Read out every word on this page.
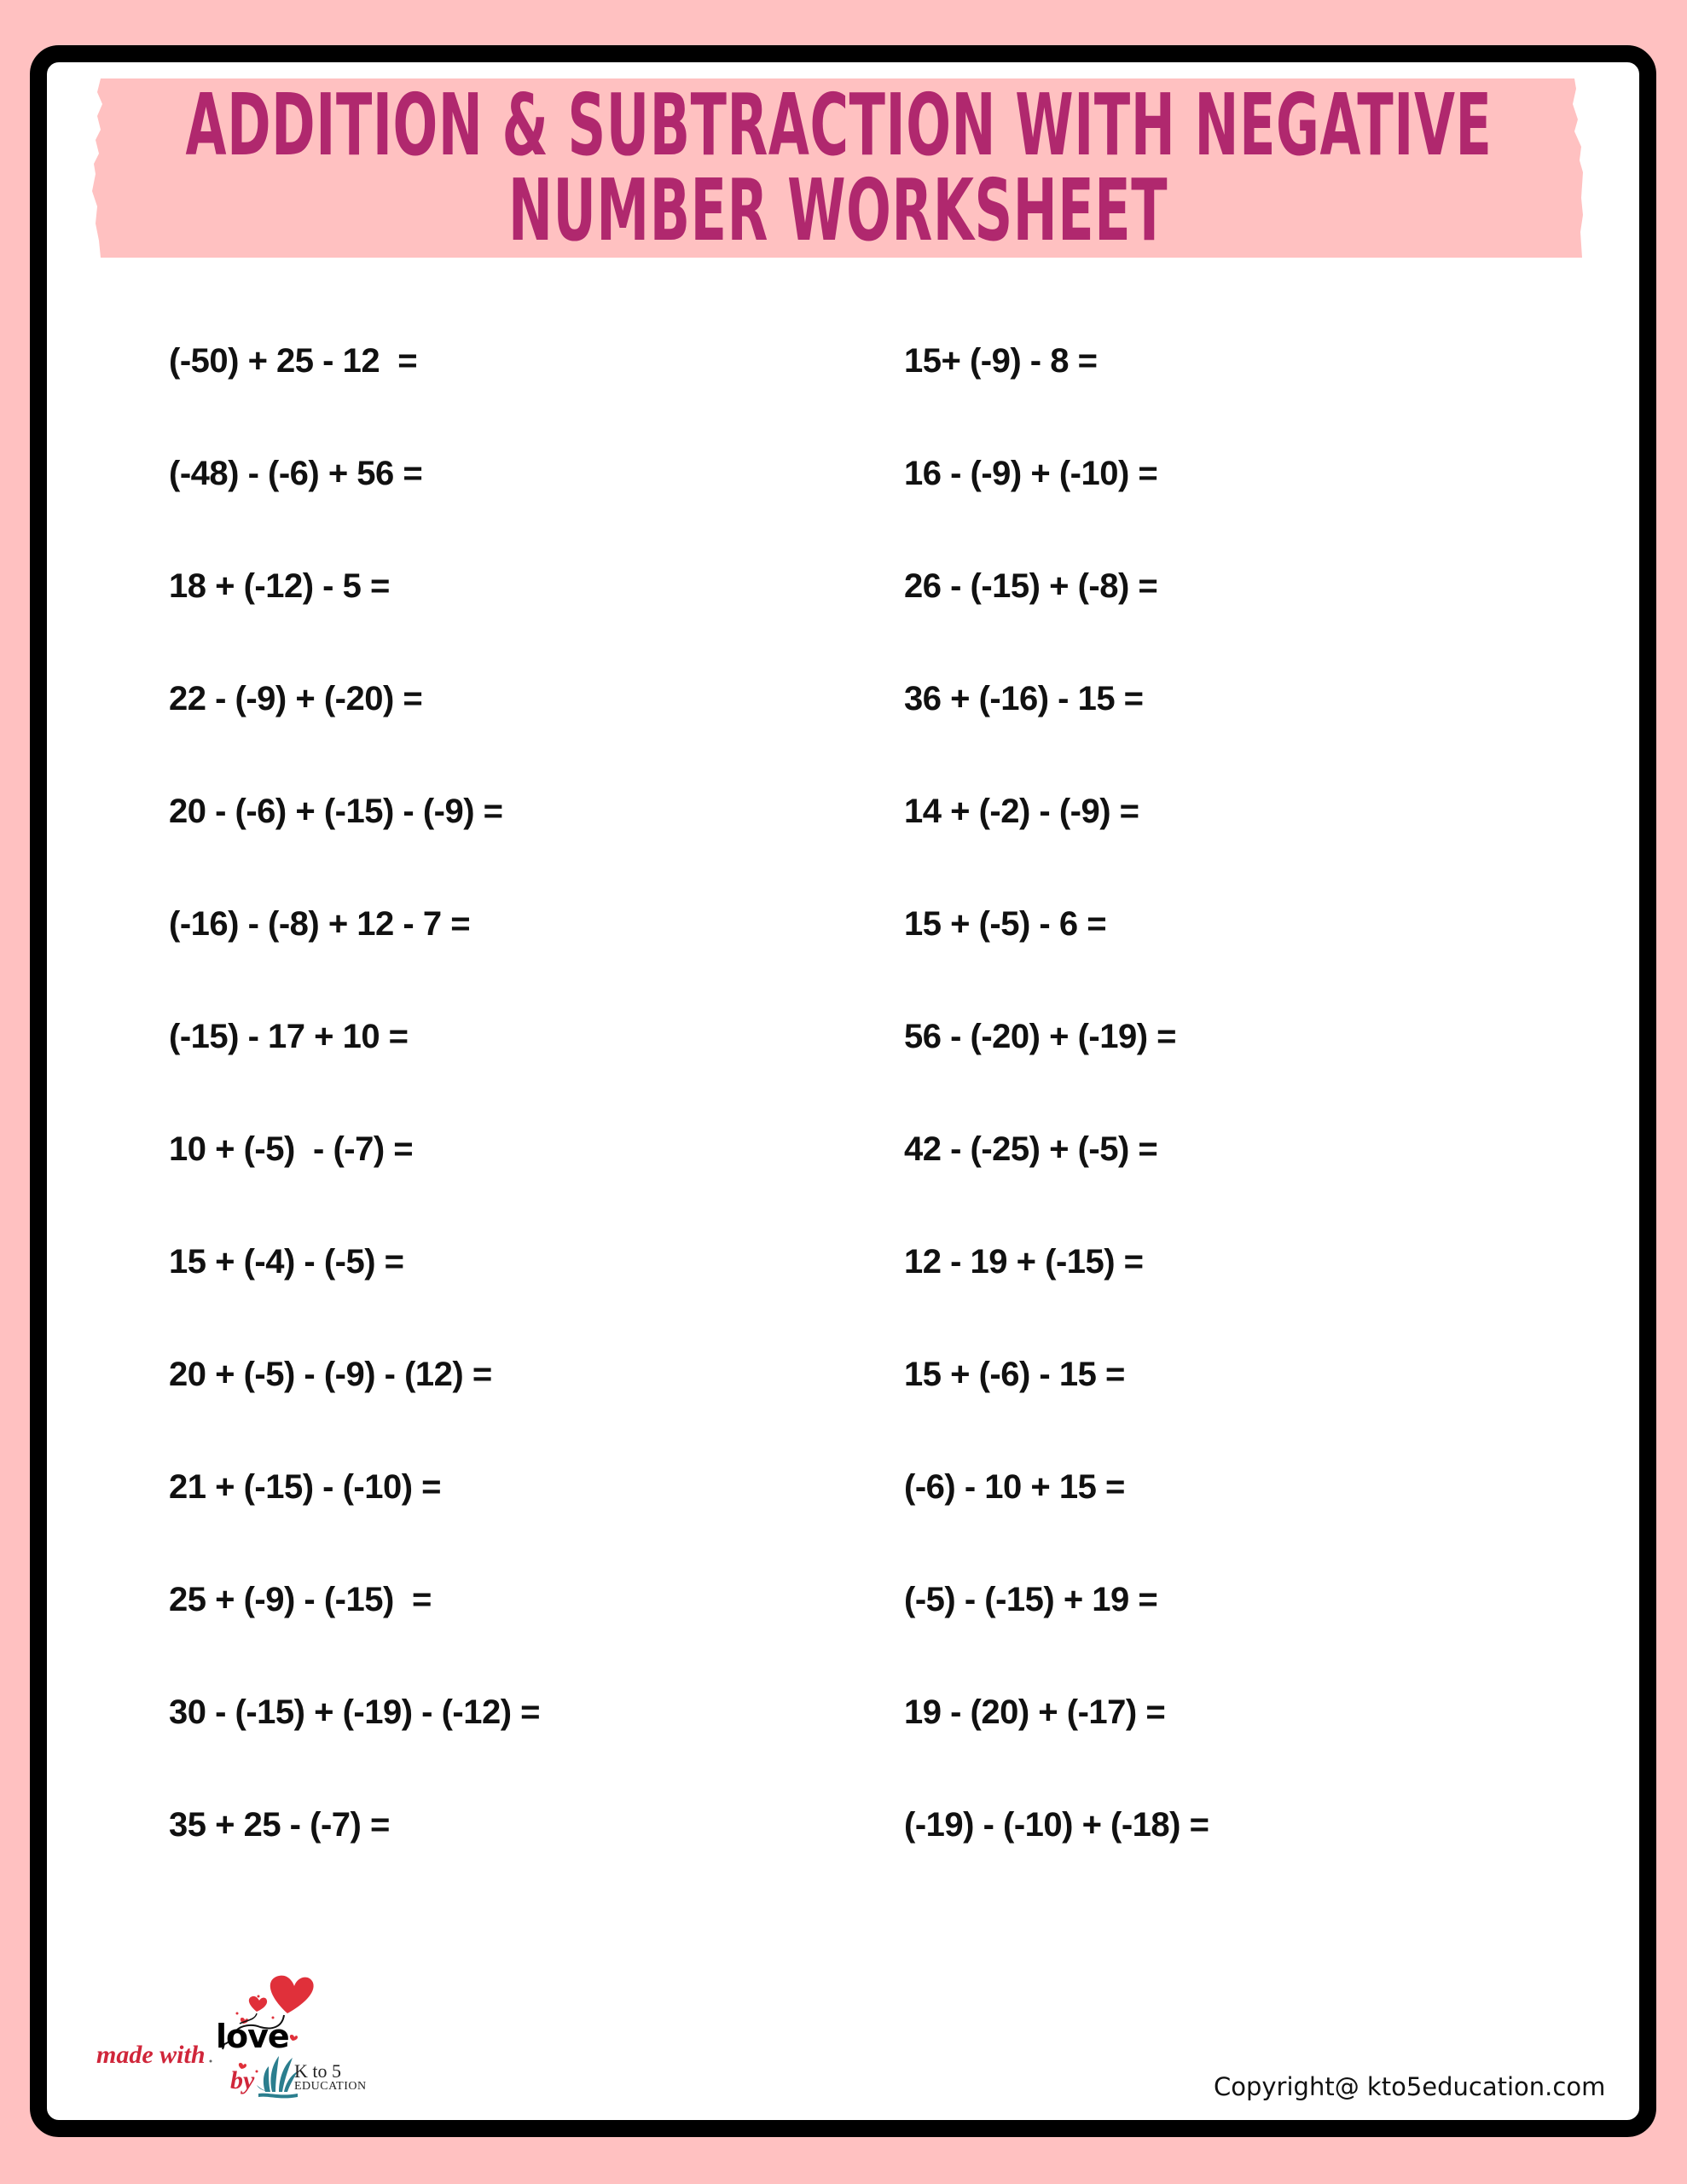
ADDITION & SUBTRACTION WITH NEGATIVE
NUMBER WORKSHEET
(-50) + 25 - 12  =
(-48) - (-6) + 56 =
18 + (-12) - 5 =
22 - (-9) + (-20) =
20 - (-6) + (-15) - (-9) =
(-16) - (-8) + 12 - 7 =
(-15) - 17 + 10 =
10 + (-5)  - (-7) =
15 + (-4) - (-5) =
20 + (-5) - (-9) - (12) =
21 + (-15) - (-10) =
25 + (-9) - (-15)  =
30 - (-15) + (-19) - (-12) =
35 + 25 - (-7) =
15+ (-9) - 8 =
16 - (-9) + (-10) =
26 - (-15) + (-8) =
36 + (-16) - 15 =
14 + (-2) - (-9) =
15 + (-5) - 6 =
56 - (-20) + (-19) =
42 - (-25) + (-5) =
12 - 19 + (-15) =
15 + (-6) - 15 =
(-6) - 10 + 15 =
(-5) - (-15) + 19 =
19 - (20) + (-17) =
(-19) - (-10) + (-18) =
made with love
by K to 5
EDUCATION	Copyright@ kto5education.com
